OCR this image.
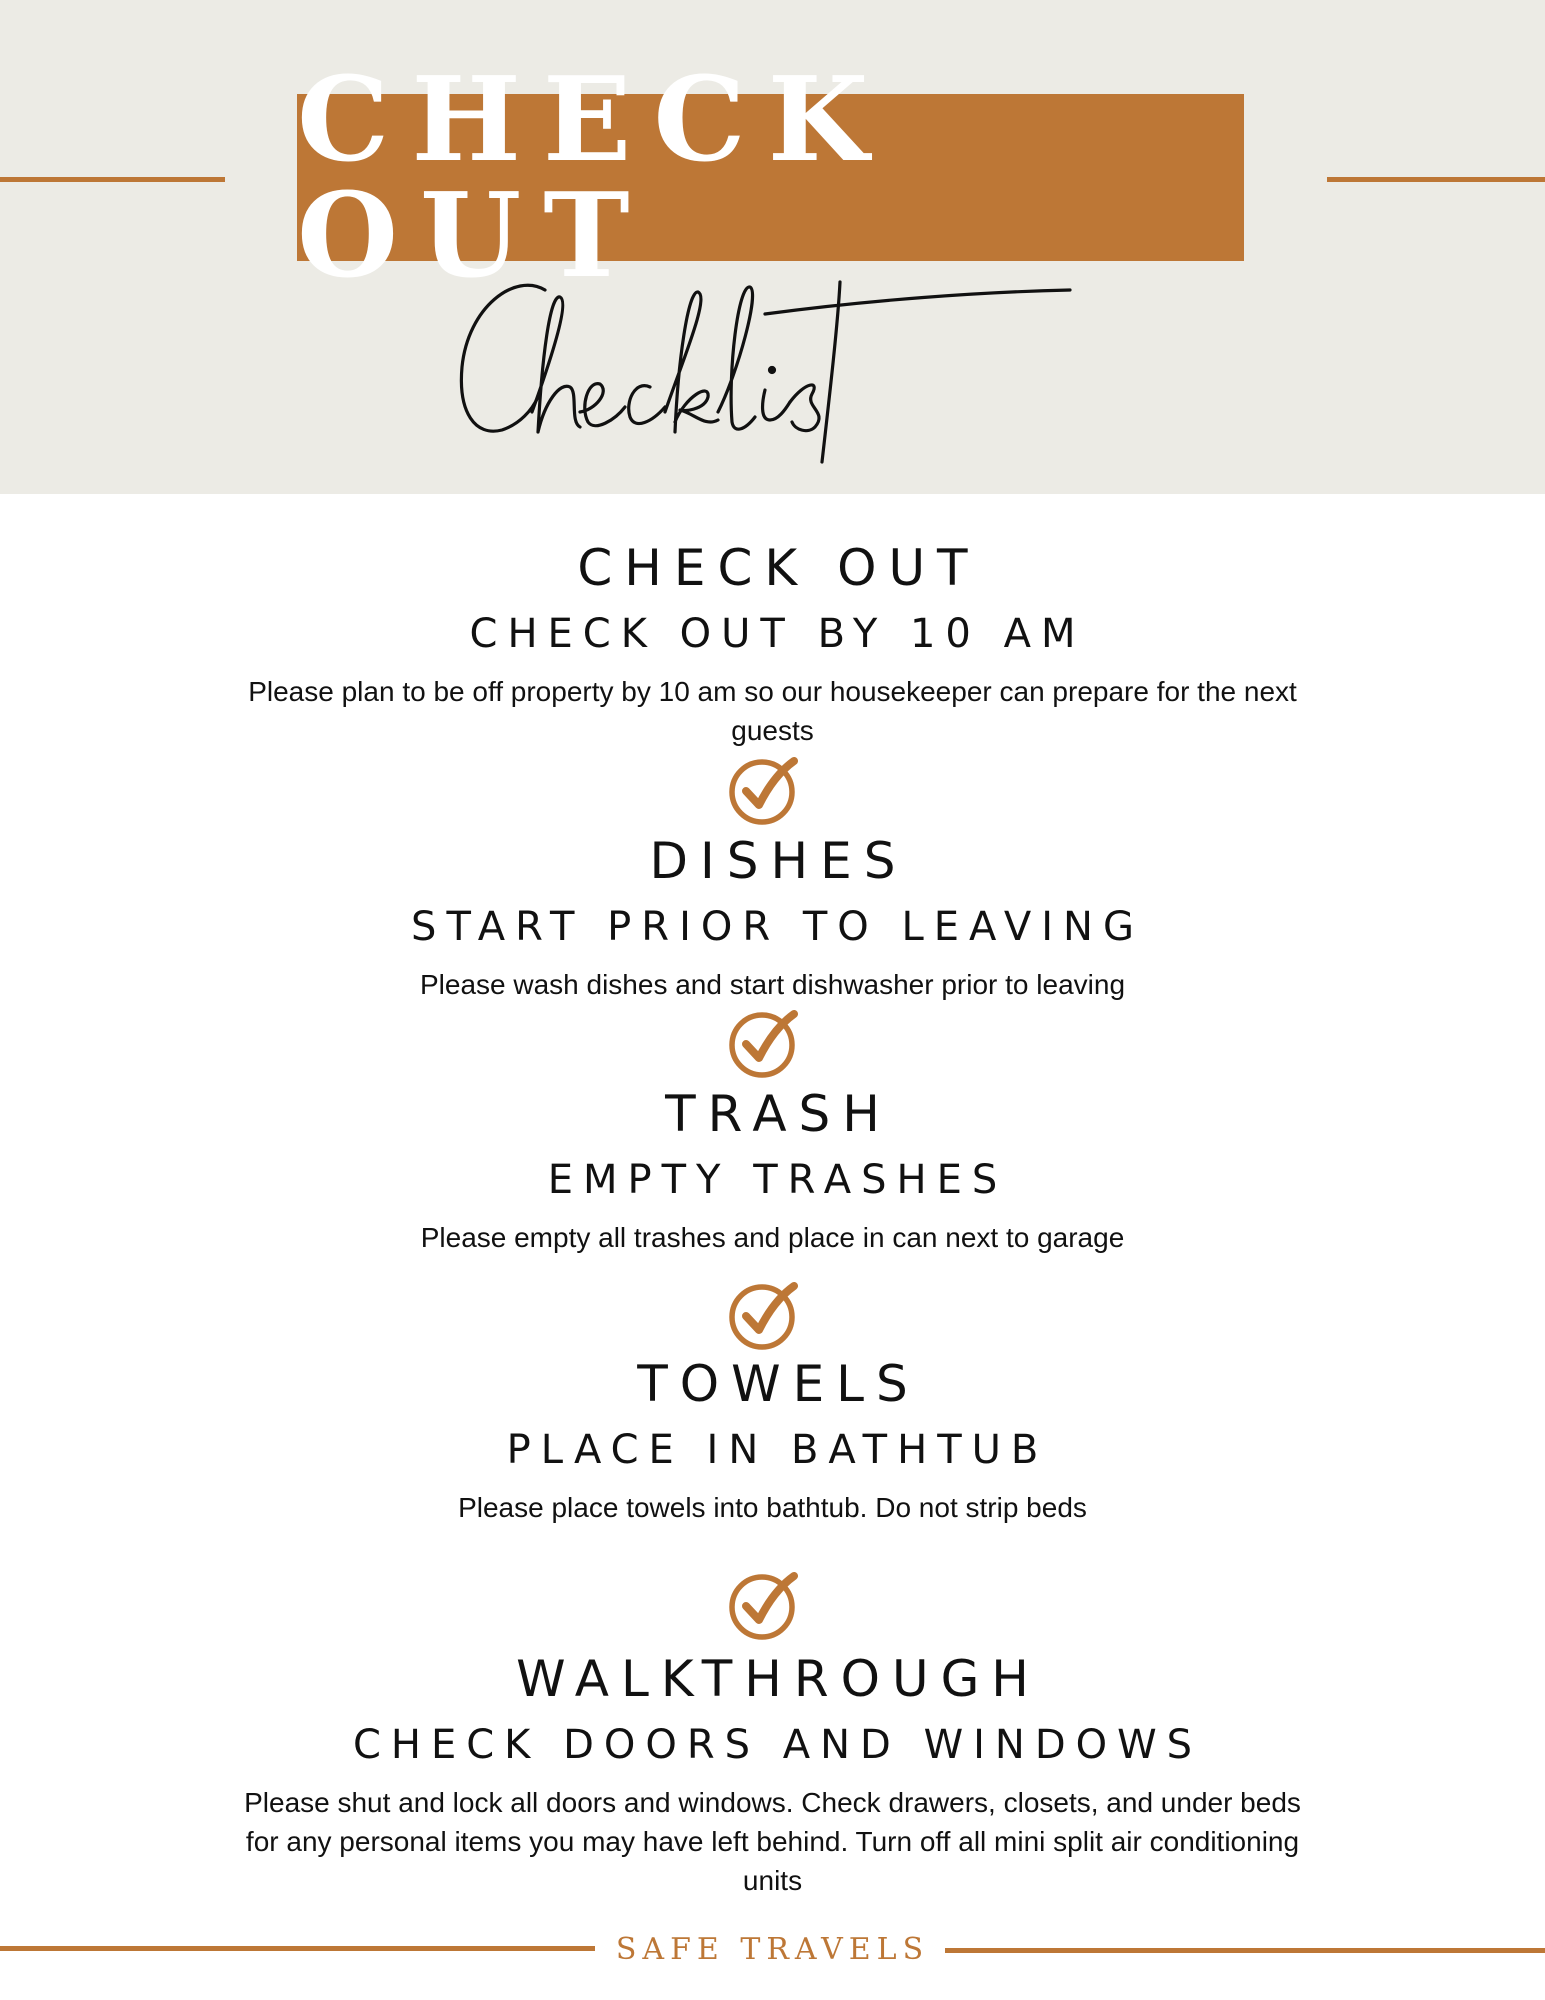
CHECK OUT
CHECK OUT
CHECK OUT BY 10 AM
Please plan to be off property by 10 am so our housekeeper can prepare for the next guests
DISHES
START PRIOR TO LEAVING
Please wash dishes and start dishwasher prior to leaving
TRASH
EMPTY TRASHES
Please empty all trashes and place in can next to garage
TOWELS
PLACE IN BATHTUB
Please place towels into bathtub. Do not strip beds
WALKTHROUGH
CHECK DOORS AND WINDOWS
Please shut and lock all doors and windows. Check drawers, closets, and under beds for any personal items you may have left behind. Turn off all mini split air conditioning units
SAFE TRAVELS
